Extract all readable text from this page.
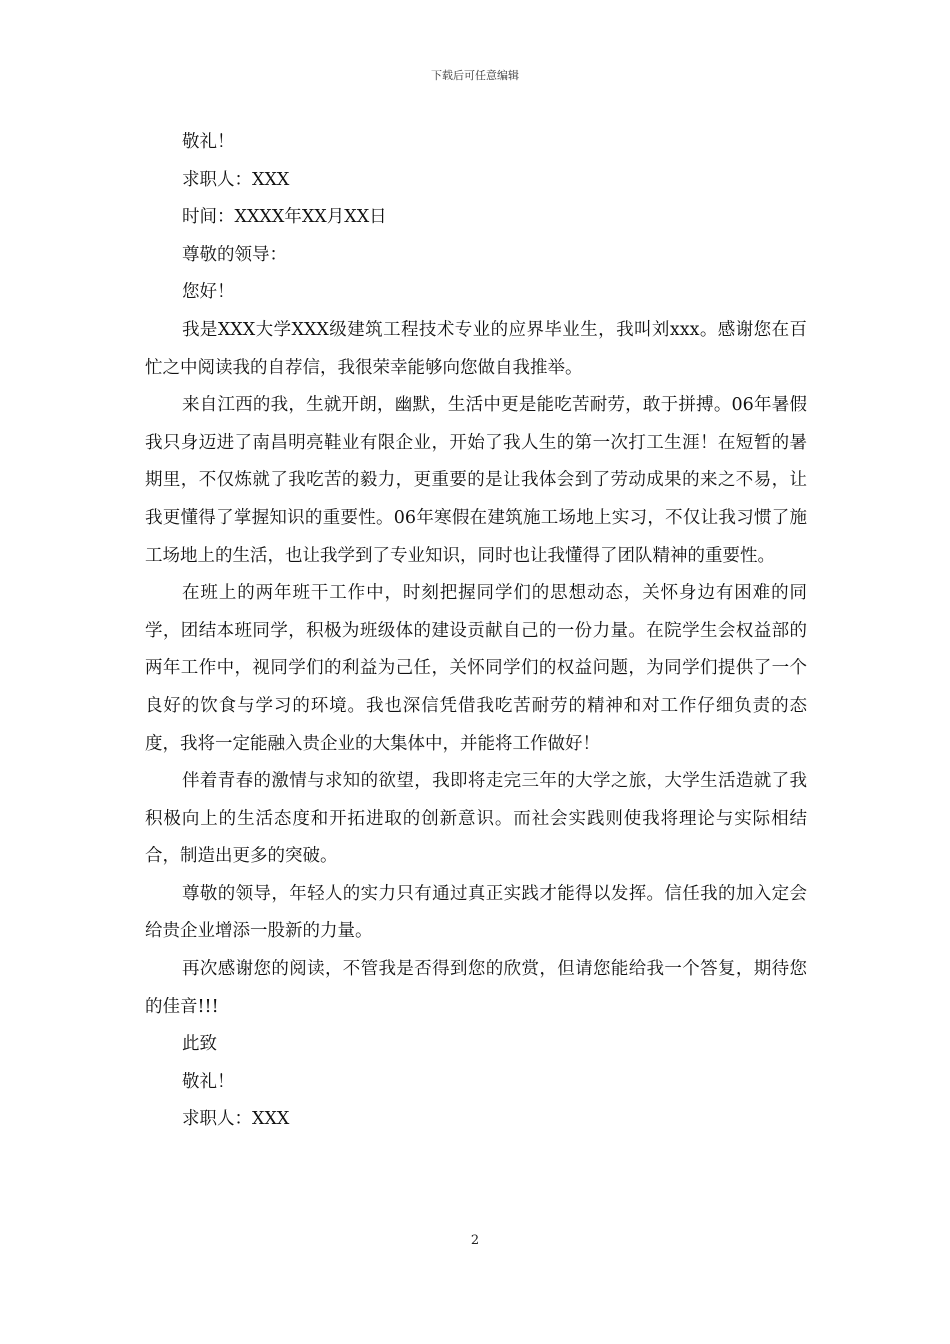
下载后可任意编辑

敬礼！

求职人：XXX

时间：XXXX年XX月XX日

尊敬的领导：

您好！

我是XXX大学XXX级建筑工程技术专业的应界毕业生，我叫刘xxx。感谢您在百忙之中阅读我的自荐信，我很荣幸能够向您做自我推举。

来自江西的我，生就开朗，幽默，生活中更是能吃苦耐劳，敢于拼搏。06年暑假我只身迈进了南昌明亮鞋业有限企业，开始了我人生的第一次打工生涯！在短暂的暑期里，不仅炼就了我吃苦的毅力，更重要的是让我体会到了劳动成果的来之不易，让我更懂得了掌握知识的重要性。06年寒假在建筑施工场地上实习，不仅让我习惯了施工场地上的生活，也让我学到了专业知识，同时也让我懂得了团队精神的重要性。

在班上的两年班干工作中，时刻把握同学们的思想动态，关怀身边有困难的同学，团结本班同学，积极为班级体的建设贡献自己的一份力量。在院学生会权益部的两年工作中，视同学们的利益为己任，关怀同学们的权益问题，为同学们提供了一个良好的饮食与学习的环境。我也深信凭借我吃苦耐劳的精神和对工作仔细负责的态度，我将一定能融入贵企业的大集体中，并能将工作做好！

伴着青春的激情与求知的欲望，我即将走完三年的大学之旅，大学生活造就了我积极向上的生活态度和开拓进取的创新意识。而社会实践则使我将理论与实际相结合，制造出更多的突破。

尊敬的领导，年轻人的实力只有通过真正实践才能得以发挥。信任我的加入定会给贵企业增添一股新的力量。

再次感谢您的阅读，不管我是否得到您的欣赏，但请您能给我一个答复，期待您的佳音!!!

此致

敬礼！

求职人：XXX

2
